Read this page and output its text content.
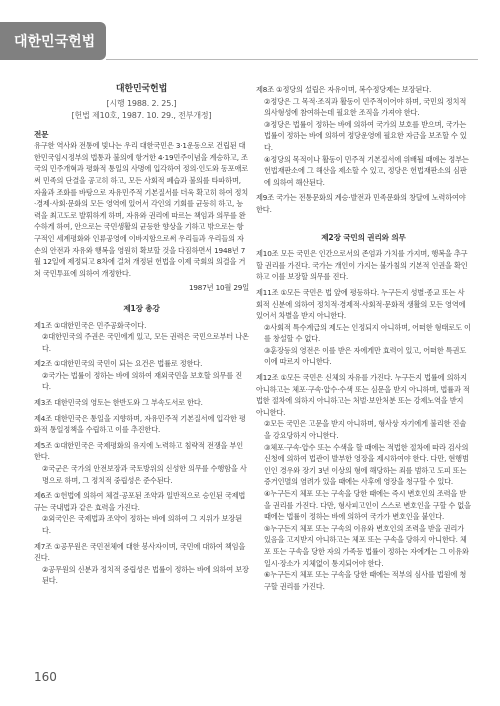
대한민국헌법
대한민국헌법
[시행 1988. 2. 25.]
[헌법 제10호, 1987. 10. 29., 전부개정]
전문
유구한 역사와 전통에 빛나는 우리 대한국민은 3·1운동으로 건립된 대한민국임시정부의 법통과 불의에 항거한 4·19민주이념을 계승하고, 조국의 민주개혁과 평화적 통일의 사명에 입각하여 정의·인도와 동포애로써 민족의 단결을 공고히 하고, 모든 사회적 폐습과 불의를 타파하며, 자율과 조화를 바탕으로 자유민주적 기본질서를 더욱 확고히 하여 정치·경제·사회·문화의 모든 영역에 있어서 각인의 기회를 균등히 하고, 능력을 최고도로 발휘하게 하며, 자유와 권리에 따르는 책임과 의무를 완수하게 하여, 안으로는 국민생활의 균등한 향상을 기하고 밖으로는 항구적인 세계평화와 인류공영에 이바지함으로써 우리들과 우리들의 자손의 안전과 자유와 행복을 영원히 확보할 것을 다짐하면서 1948년 7월 12일에 제정되고 8차에 걸쳐 개정된 헌법을 이제 국회의 의결을 거쳐 국민투표에 의하여 개정한다.
1987년 10월 29일
제1장 총강
제1조 ①대한민국은 민주공화국이다.
②대한민국의 주권은 국민에게 있고, 모든 권력은 국민으로부터 나온다.
제2조 ①대한민국의 국민이 되는 요건은 법률로 정한다.
②국가는 법률이 정하는 바에 의하여 재외국민을 보호할 의무를 진다.
제3조 대한민국의 영토는 한반도와 그 부속도서로 한다.
제4조 대한민국은 통일을 지향하며, 자유민주적 기본질서에 입각한 평화적 통일정책을 수립하고 이를 추진한다.
제5조 ①대한민국은 국제평화의 유지에 노력하고 침략적 전쟁을 부인한다.
②국군은 국가의 안전보장과 국토방위의 신성한 의무를 수행함을 사명으로 하며, 그 정치적 중립성은 준수된다.
제6조 ①헌법에 의하여 체결·공포된 조약과 일반적으로 승인된 국제법규는 국내법과 같은 효력을 가진다.
②외국인은 국제법과 조약이 정하는 바에 의하여 그 지위가 보장된다.
제7조 ①공무원은 국민전체에 대한 봉사자이며, 국민에 대하여 책임을 진다.
②공무원의 신분과 정치적 중립성은 법률이 정하는 바에 의하여 보장된다.
제8조 ①정당의 설립은 자유이며, 복수정당제는 보장된다.
②정당은 그 목적·조직과 활동이 민주적이어야 하며, 국민의 정치적 의사형성에 참여하는데 필요한 조직을 가져야 한다.
③정당은 법률이 정하는 바에 의하여 국가의 보호를 받으며, 국가는 법률이 정하는 바에 의하여 정당운영에 필요한 자금을 보조할 수 있다.
④정당의 목적이나 활동이 민주적 기본질서에 위배될 때에는 정부는 헌법재판소에 그 해산을 제소할 수 있고, 정당은 헌법재판소의 심판에 의하여 해산된다.
제9조 국가는 전통문화의 계승·발전과 민족문화의 창달에 노력하여야 한다.
제2장 국민의 권리와 의무
제10조 모든 국민은 인간으로서의 존엄과 가치를 가지며, 행복을 추구할 권리를 가진다. 국가는 개인이 가지는 불가침의 기본적 인권을 확인하고 이를 보장할 의무를 진다.
제11조 ①모든 국민은 법 앞에 평등하다. 누구든지 성별·종교 또는 사회적 신분에 의하여 정치적·경제적·사회적·문화적 생활의 모든 영역에 있어서 차별을 받지 아니한다.
②사회적 특수계급의 제도는 인정되지 아니하며, 어떠한 형태로도 이를 창설할 수 없다.
③훈장등의 영전은 이를 받은 자에게만 효력이 있고, 어떠한 특권도 이에 따르지 아니한다.
제12조 ①모든 국민은 신체의 자유를 가진다. 누구든지 법률에 의하지 아니하고는 체포·구속·압수·수색 또는 심문을 받지 아니하며, 법률과 적법한 절차에 의하지 아니하고는 처벌·보안처분 또는 강제노역을 받지 아니한다.
②모든 국민은 고문을 받지 아니하며, 형사상 자기에게 불리한 진술을 강요당하지 아니한다.
③체포·구속·압수 또는 수색을 할 때에는 적법한 절차에 따라 검사의 신청에 의하여 법관이 발부한 영장을 제시하여야 한다. 다만, 현행범인인 경우와 장기 3년 이상의 형에 해당하는 죄를 범하고 도피 또는 증거인멸의 염려가 있을 때에는 사후에 영장을 청구할 수 있다.
④누구든지 체포 또는 구속을 당한 때에는 즉시 변호인의 조력을 받을 권리를 가진다. 다만, 형사피고인이 스스로 변호인을 구할 수 없을 때에는 법률이 정하는 바에 의하여 국가가 변호인을 붙인다.
⑤누구든지 체포 또는 구속의 이유와 변호인의 조력을 받을 권리가 있음을 고지받지 아니하고는 체포 또는 구속을 당하지 아니한다. 체포 또는 구속을 당한 자의 가족등 법률이 정하는 자에게는 그 이유와 일시·장소가 지체없이 통지되어야 한다.
⑥누구든지 체포 또는 구속을 당한 때에는 적부의 심사를 법원에 청구할 권리를 가진다.
160
